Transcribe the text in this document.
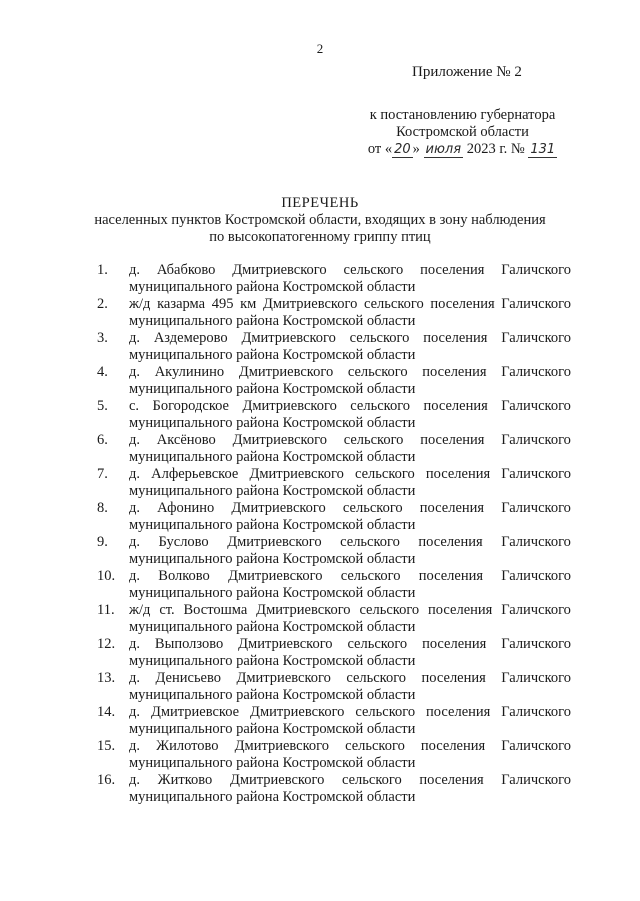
2
Приложение № 2
к постановлению губернатора
Костромской области
от « 20 » июля 2023 г. № 131
ПЕРЕЧЕНЬ
населенных пунктов Костромской области, входящих в зону наблюдения
по высокопатогенному гриппу птиц
1. д. Абабково Дмитриевского сельского поселения Галичского
муниципального района Костромской области
2. ж/д казарма 495 км Дмитриевского сельского поселения Галичского
муниципального района Костромской области
3. д. Аздемерово Дмитриевского сельского поселения Галичского
муниципального района Костромской области
4. д. Акулинино Дмитриевского сельского поселения Галичского
муниципального района Костромской области
5. с. Богородское Дмитриевского сельского поселения Галичского
муниципального района Костромской области
6. д. Аксёново Дмитриевского сельского поселения Галичского
муниципального района Костромской области
7. д. Алферьевское Дмитриевского сельского поселения Галичского
муниципального района Костромской области
8. д. Афонино Дмитриевского сельского поселения Галичского
муниципального района Костромской области
9. д. Буслово Дмитриевского сельского поселения Галичского
муниципального района Костромской области
10. д. Волково Дмитриевского сельского поселения Галичского
муниципального района Костромской области
11. ж/д ст. Востошма Дмитриевского сельского поселения Галичского
муниципального района Костромской области
12. д. Выползово Дмитриевского сельского поселения Галичского
муниципального района Костромской области
13. д. Денисьево Дмитриевского сельского поселения Галичского
муниципального района Костромской области
14. д. Дмитриевское Дмитриевского сельского поселения Галичского
муниципального района Костромской области
15. д. Жилотово Дмитриевского сельского поселения Галичского
муниципального района Костромской области
16. д. Житково Дмитриевского сельского поселения Галичского
муниципального района Костромской области
